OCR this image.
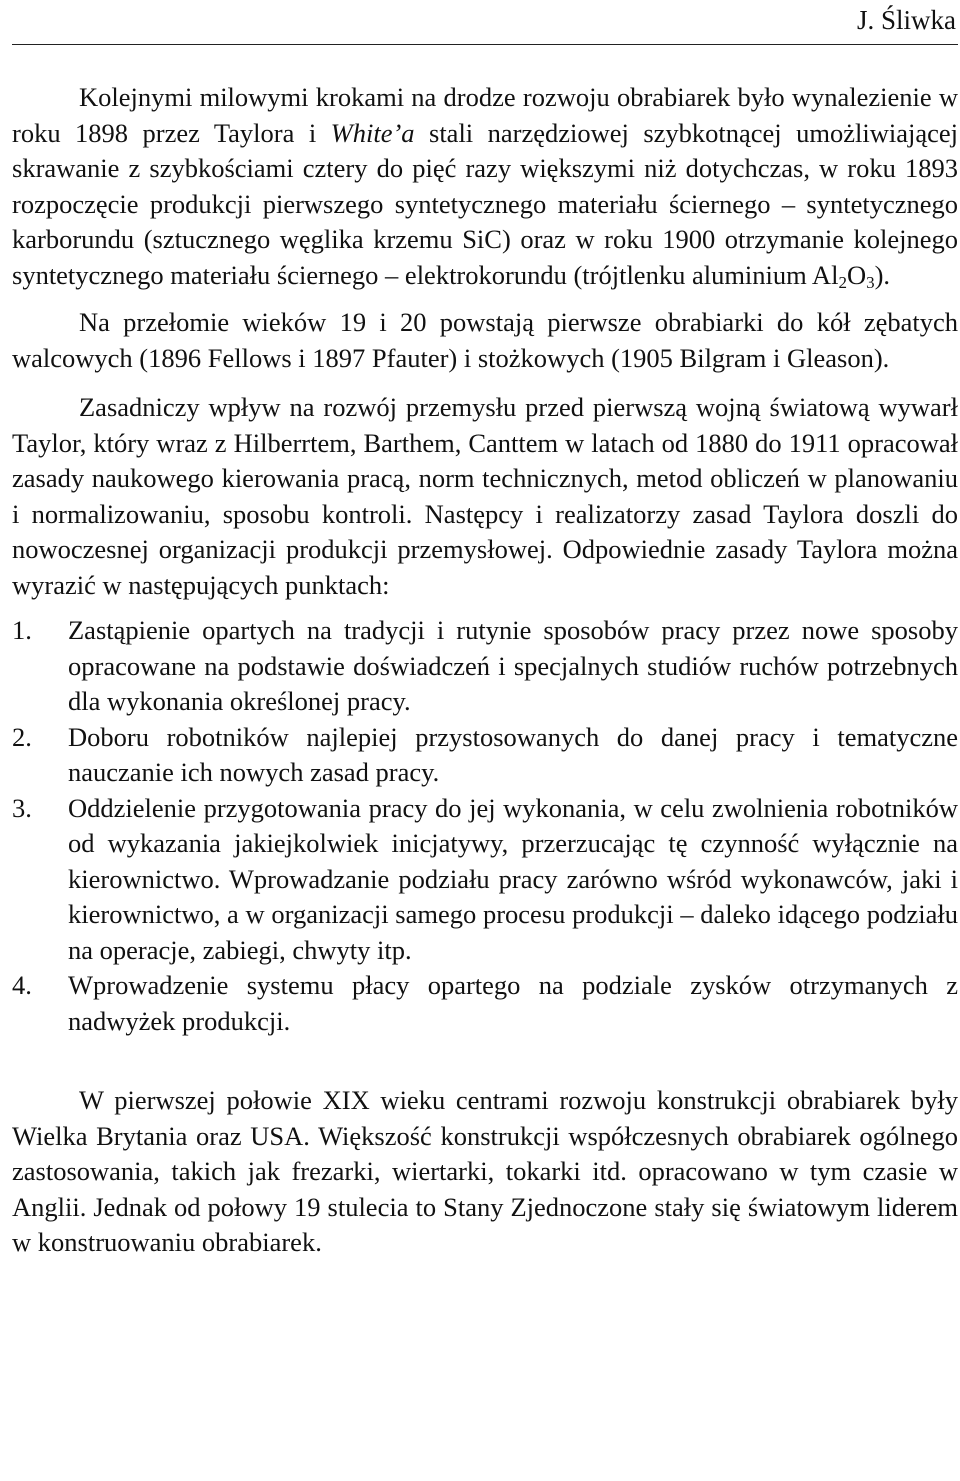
J. Śliwka

Kolejnymi milowymi krokami na drodze rozwoju obrabiarek było wynalezienie w roku 1898 przez Taylora i White’a stali narzędziowej szybkotnącej umożliwiającej skrawanie z szybkościami cztery do pięć razy większymi niż dotychczas, w roku 1893 rozpoczęcie produkcji pierwszego syntetycznego materiału ściernego – syntetycznego karborundu (sztucznego węglika krzemu SiC) oraz w roku 1900 otrzymanie kolejnego syntetycznego materiału ściernego – elektrokorundu (trójtlenku aluminium $Al_2O_3$).

Na przełomie wieków 19 i 20 powstają pierwsze obrabiarki do kół zębatych walcowych (1896 Fellows i 1897 Pfauter) i stożkowych (1905 Bilgram i Gleason).

Zasadniczy wpływ na rozwój przemysłu przed pierwszą wojną światową wywarł Taylor, który wraz z Hilberrtem, Barthem, Canttem w latach od 1880 do 1911 opracował zasady naukowego kierowania pracą, norm technicznych, metod obliczeń w planowaniu i normalizowaniu, sposobu kontroli. Następcy i realizatorzy zasad Taylora doszli do nowoczesnej organizacji produkcji przemysłowej. Odpowiednie zasady Taylora można wyrazić w następujących punktach:

1. Zastąpienie opartych na tradycji i rutynie sposobów pracy przez nowe sposoby opracowane na podstawie doświadczeń i specjalnych studiów ruchów potrzebnych dla wykonania określonej pracy.
2. Doboru robotników najlepiej przystosowanych do danej pracy i tematyczne nauczanie ich nowych zasad pracy.
3. Oddzielenie przygotowania pracy do jej wykonania, w celu zwolnienia robotników od wykazania jakiejkolwiek inicjatywy, przerzucając tę czynność wyłącznie na kierownictwo. Wprowadzanie podziału pracy zarówno wśród wykonawców, jaki i kierownictwo, a w organizacji samego procesu produkcji – daleko idącego podziału na operacje, zabiegi, chwyty itp.
4. Wprowadzenie systemu płacy opartego na podziale zysków otrzymanych z nadwyżek produkcji.

W pierwszej połowie XIX wieku centrami rozwoju konstrukcji obrabiarek były Wielka Brytania oraz USA. Większość konstrukcji współczesnych obrabiarek ogólnego zastosowania, takich jak frezarki, wiertarki, tokarki itd. opracowano w tym czasie w Anglii. Jednak od połowy 19 stulecia to Stany Zjednoczone stały się światowym liderem w konstruowaniu obrabiarek.
